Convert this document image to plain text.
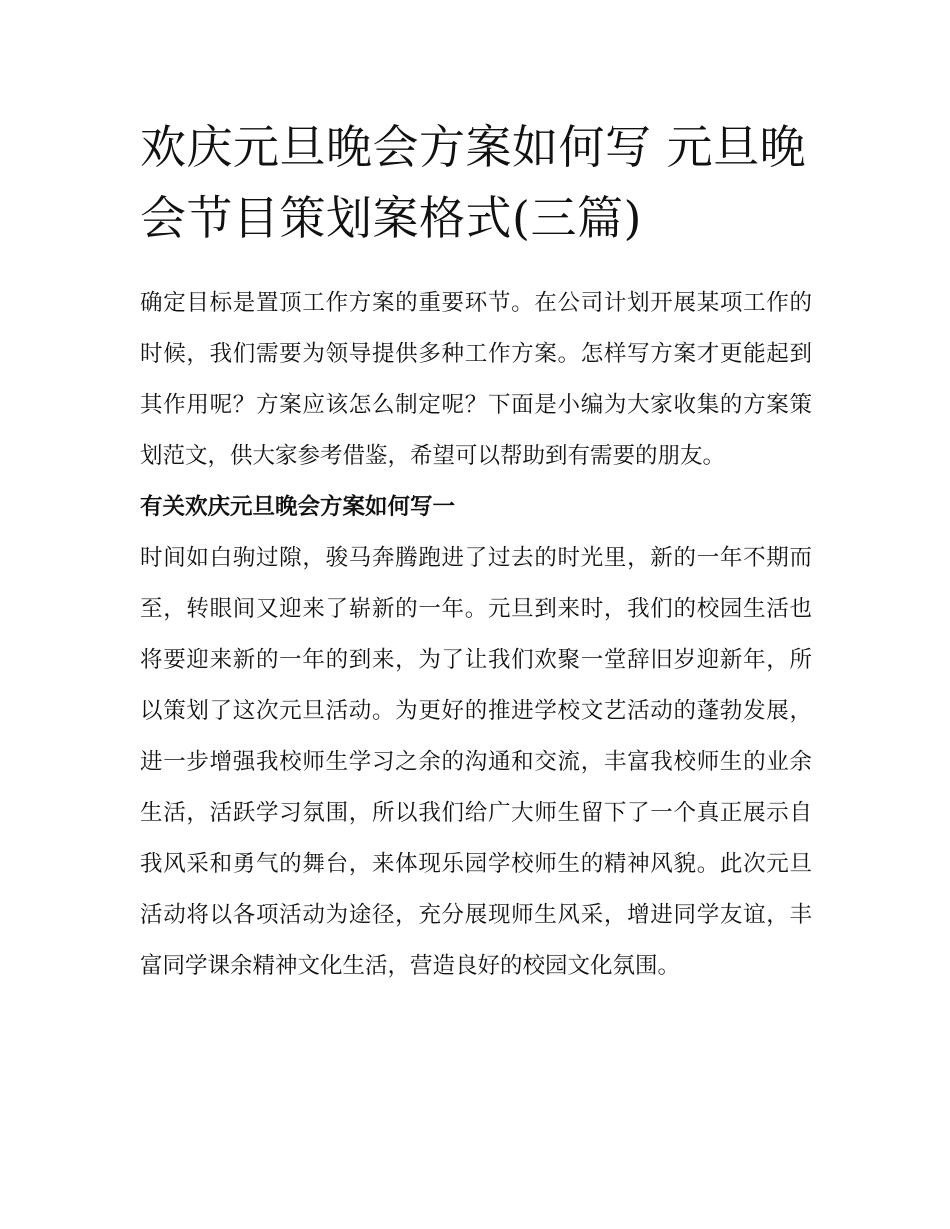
欢庆元旦晚会方案如何写 元旦晚会节目策划案格式(三篇)

确定目标是置顶工作方案的重要环节。在公司计划开展某项工作的时候，我们需要为领导提供多种工作方案。怎样写方案才更能起到其作用呢？方案应该怎么制定呢？下面是小编为大家收集的方案策划范文，供大家参考借鉴，希望可以帮助到有需要的朋友。

有关欢庆元旦晚会方案如何写一

时间如白驹过隙，骏马奔腾跑进了过去的时光里，新的一年不期而至，转眼间又迎来了崭新的一年。元旦到来时，我们的校园生活也将要迎来新的一年的到来，为了让我们欢聚一堂辞旧岁迎新年，所以策划了这次元旦活动。为更好的推进学校文艺活动的蓬勃发展，进一步增强我校师生学习之余的沟通和交流，丰富我校师生的业余生活，活跃学习氛围，所以我们给广大师生留下了一个真正展示自我风采和勇气的舞台，来体现乐园学校师生的精神风貌。此次元旦活动将以各项活动为途径，充分展现师生风采，增进同学友谊，丰富同学课余精神文化生活，营造良好的校园文化氛围。
